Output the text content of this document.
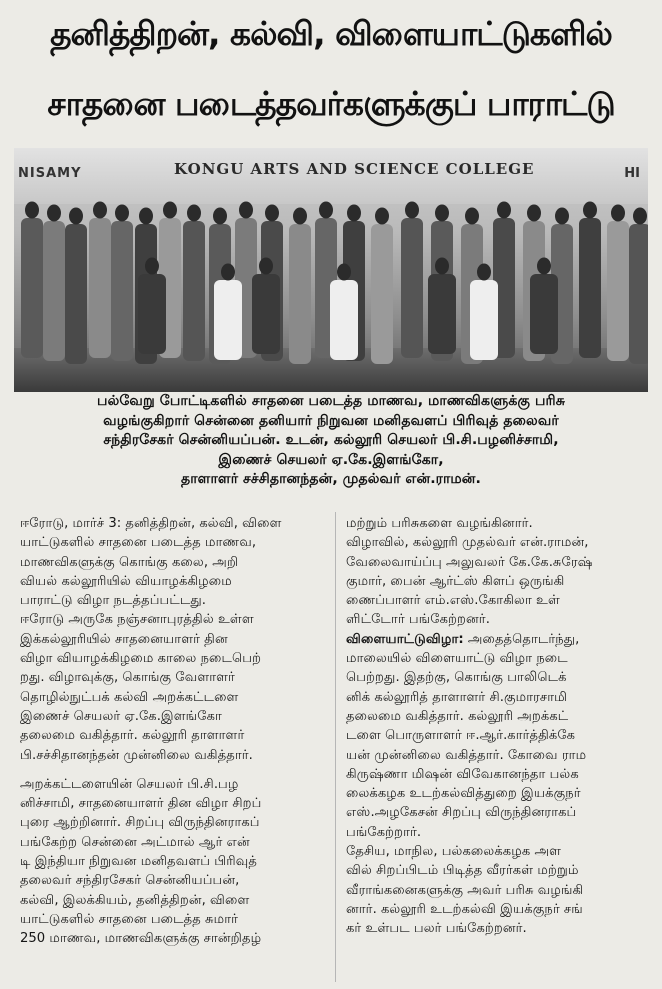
தனித்திறன், கல்வி, விளையாட்டுகளில்
சாதனை படைத்தவர்களுக்குப் பாராட்டு
NISAMY	KONGU ARTS AND SCIENCE COLLEGE	HI
பல்வேறு போட்டிகளில் சாதனை படைத்த மாணவ, மாணவிகளுக்கு பரிசு
வழங்குகிறார் சென்னை தனியார் நிறுவன மனிதவளப் பிரிவுத் தலைவர்
சந்திரசேகர் சென்னியப்பன். உடன், கல்லூரி செயலர் பி.சி.பழனிச்சாமி,
இணைச் செயலர் ஏ.கே.இளங்கோ,
தாளாளர் சச்சிதானந்தன், முதல்வர் என்.ராமன்.
ஈரோடு, மார்ச் 3: தனித்திறன், கல்வி, விளை
யாட்டுகளில் சாதனை படைத்த மாணவ,
மாணவிகளுக்கு கொங்கு கலை, அறி
வியல் கல்லூரியில் வியாழக்கிழமை
பாராட்டு விழா நடத்தப்பட்டது.
ஈரோடு அருகே நஞ்சனாபுரத்தில் உள்ள
இக்கல்லூரியில் சாதனையாளர் தின
விழா வியாழக்கிழமை காலை நடைபெற்
றது. விழாவுக்கு, கொங்கு வேளாளர்
தொழில்நுட்பக் கல்வி அறக்கட்டளை
இணைச் செயலர் ஏ.கே.இளங்கோ
தலைமை வகித்தார். கல்லூரி தாளாளர்
பி.சச்சிதானந்தன் முன்னிலை வகித்தார்.
அறக்கட்டளையின் செயலர் பி.சி.பழ
னிச்சாமி, சாதனையாளர் தின விழா சிறப்
புரை ஆற்றினார். சிறப்பு விருந்தினராகப்
பங்கேற்ற சென்னை அட்மால் ஆர் என்
டி இந்தியா நிறுவன மனிதவளப் பிரிவுத்
தலைவர் சந்திரசேகர் சென்னியப்பன்,
கல்வி, இலக்கியம், தனித்திறன், விளை
யாட்டுகளில் சாதனை படைத்த சுமார்
250 மாணவ, மாணவிகளுக்கு சான்றிதழ்
மற்றும் பரிசுகளை வழங்கினார்.
விழாவில், கல்லூரி முதல்வர் என்.ராமன்,
வேலைவாய்ப்பு அலுவலர் கே.கே.சுரேஷ்
குமார், பைன் ஆர்ட்ஸ் கிளப் ஒருங்கி
ணைப்பாளர் எம்.எஸ்.கோகிலா உள்
ளிட்டோர் பங்கேற்றனர்.
விளையாட்டுவிழா: அதைத்தொடர்ந்து,
மாலையில் விளையாட்டு விழா நடை
பெற்றது. இதற்கு, கொங்கு பாலிடெக்
னிக் கல்லூரித் தாளாளர் சி.குமாரசாமி
தலைமை வகித்தார். கல்லூரி அறக்கட்
டளை பொருளாளர் ஈ.ஆர்.கார்த்திக்கே
யன் முன்னிலை வகித்தார். கோவை ராம
கிருஷ்ணா மிஷன் விவேகானந்தா பல்க
லைக்கழக உடற்கல்வித்துறை இயக்குநர்
எஸ்.அழகேசன் சிறப்பு விருந்தினராகப்
பங்கேற்றார்.
தேசிய, மாநில, பல்கலைக்கழக அள
வில் சிறப்பிடம் பிடித்த வீரர்கள் மற்றும்
வீராங்கனைகளுக்கு அவர் பரிசு வழங்கி
னார். கல்லூரி உடற்கல்வி இயக்குநர் சங்
கர் உள்பட பலர் பங்கேற்றனர்.
